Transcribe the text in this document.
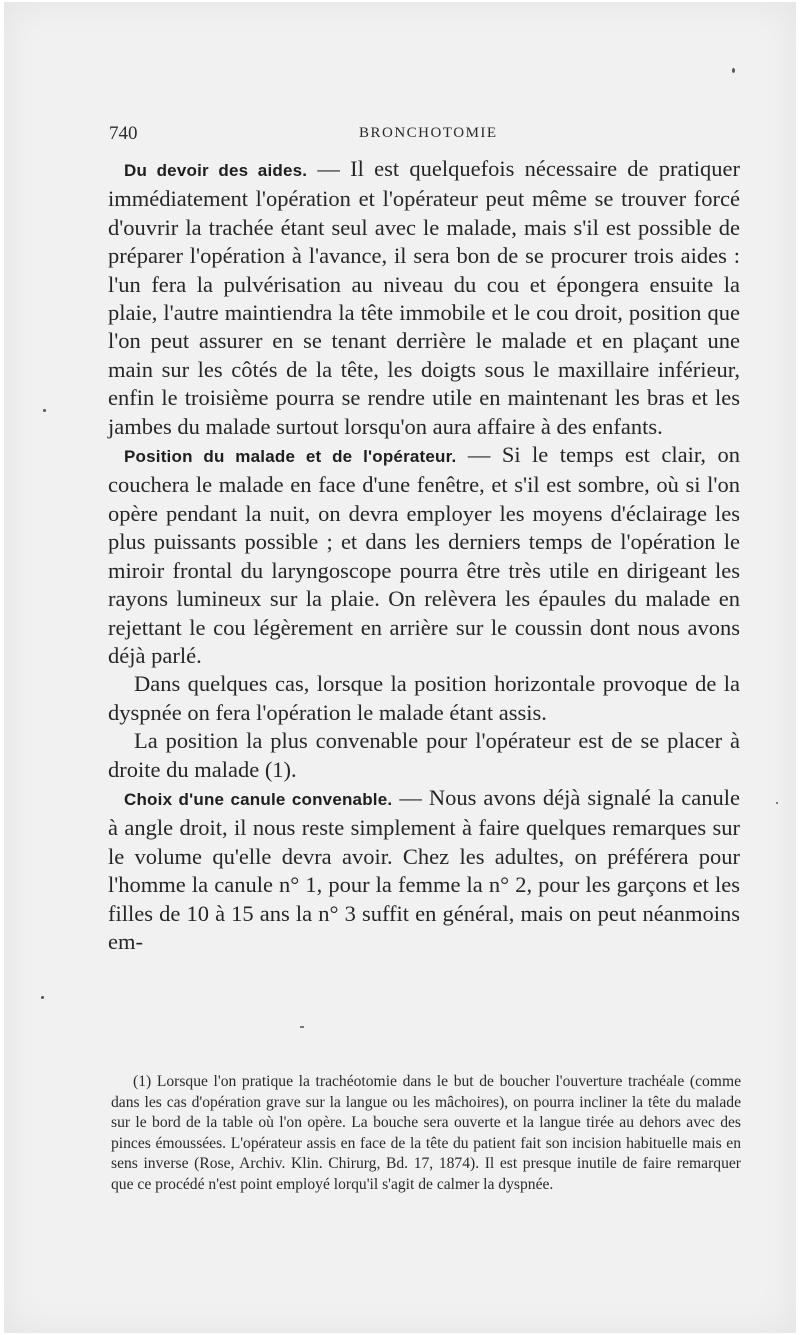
740	BRONCHOTOMIE

Du devoir des aides. — Il est quelquefois nécessaire de pratiquer immédiatement l'opération et l'opérateur peut même se trouver forcé d'ouvrir la trachée étant seul avec le malade, mais s'il est possible de préparer l'opération à l'avance, il sera bon de se procurer trois aides : l'un fera la pulvérisation au niveau du cou et épongera ensuite la plaie, l'autre maintiendra la tête immobile et le cou droit, position que l'on peut assurer en se tenant derrière le malade et en plaçant une main sur les côtés de la tête, les doigts sous le maxillaire inférieur, enfin le troisième pourra se rendre utile en maintenant les bras et les jambes du malade surtout lorsqu'on aura affaire à des enfants.

Position du malade et de l'opérateur. — Si le temps est clair, on couchera le malade en face d'une fenêtre, et s'il est sombre, où si l'on opère pendant la nuit, on devra employer les moyens d'éclairage les plus puissants possible ; et dans les derniers temps de l'opération le miroir frontal du laryngoscope pourra être très utile en dirigeant les rayons lumineux sur la plaie. On relèvera les épaules du malade en rejettant le cou légèrement en arrière sur le coussin dont nous avons déjà parlé.

Dans quelques cas, lorsque la position horizontale provoque de la dyspnée on fera l'opération le malade étant assis.

La position la plus convenable pour l'opérateur est de se placer à droite du malade (1).

Choix d'une canule convenable. — Nous avons déjà signalé la canule à angle droit, il nous reste simplement à faire quelques remarques sur le volume qu'elle devra avoir. Chez les adultes, on préférera pour l'homme la canule n° 1, pour la femme la n° 2, pour les garçons et les filles de 10 à 15 ans la n° 3 suffit en général, mais on peut néanmoins em-

(1) Lorsque l'on pratique la trachéotomie dans le but de boucher l'ouverture trachéale (comme dans les cas d'opération grave sur la langue ou les mâchoires), on pourra incliner la tête du malade sur le bord de la table où l'on opère. La bouche sera ouverte et la langue tirée au dehors avec des pinces émoussées. L'opérateur assis en face de la tête du patient fait son incision habituelle mais en sens inverse (Rose, Archiv. Klin. Chirurg, Bd. 17, 1874). Il est presque inutile de faire remarquer que ce procédé n'est point employé lorqu'il s'agit de calmer la dyspnée.
